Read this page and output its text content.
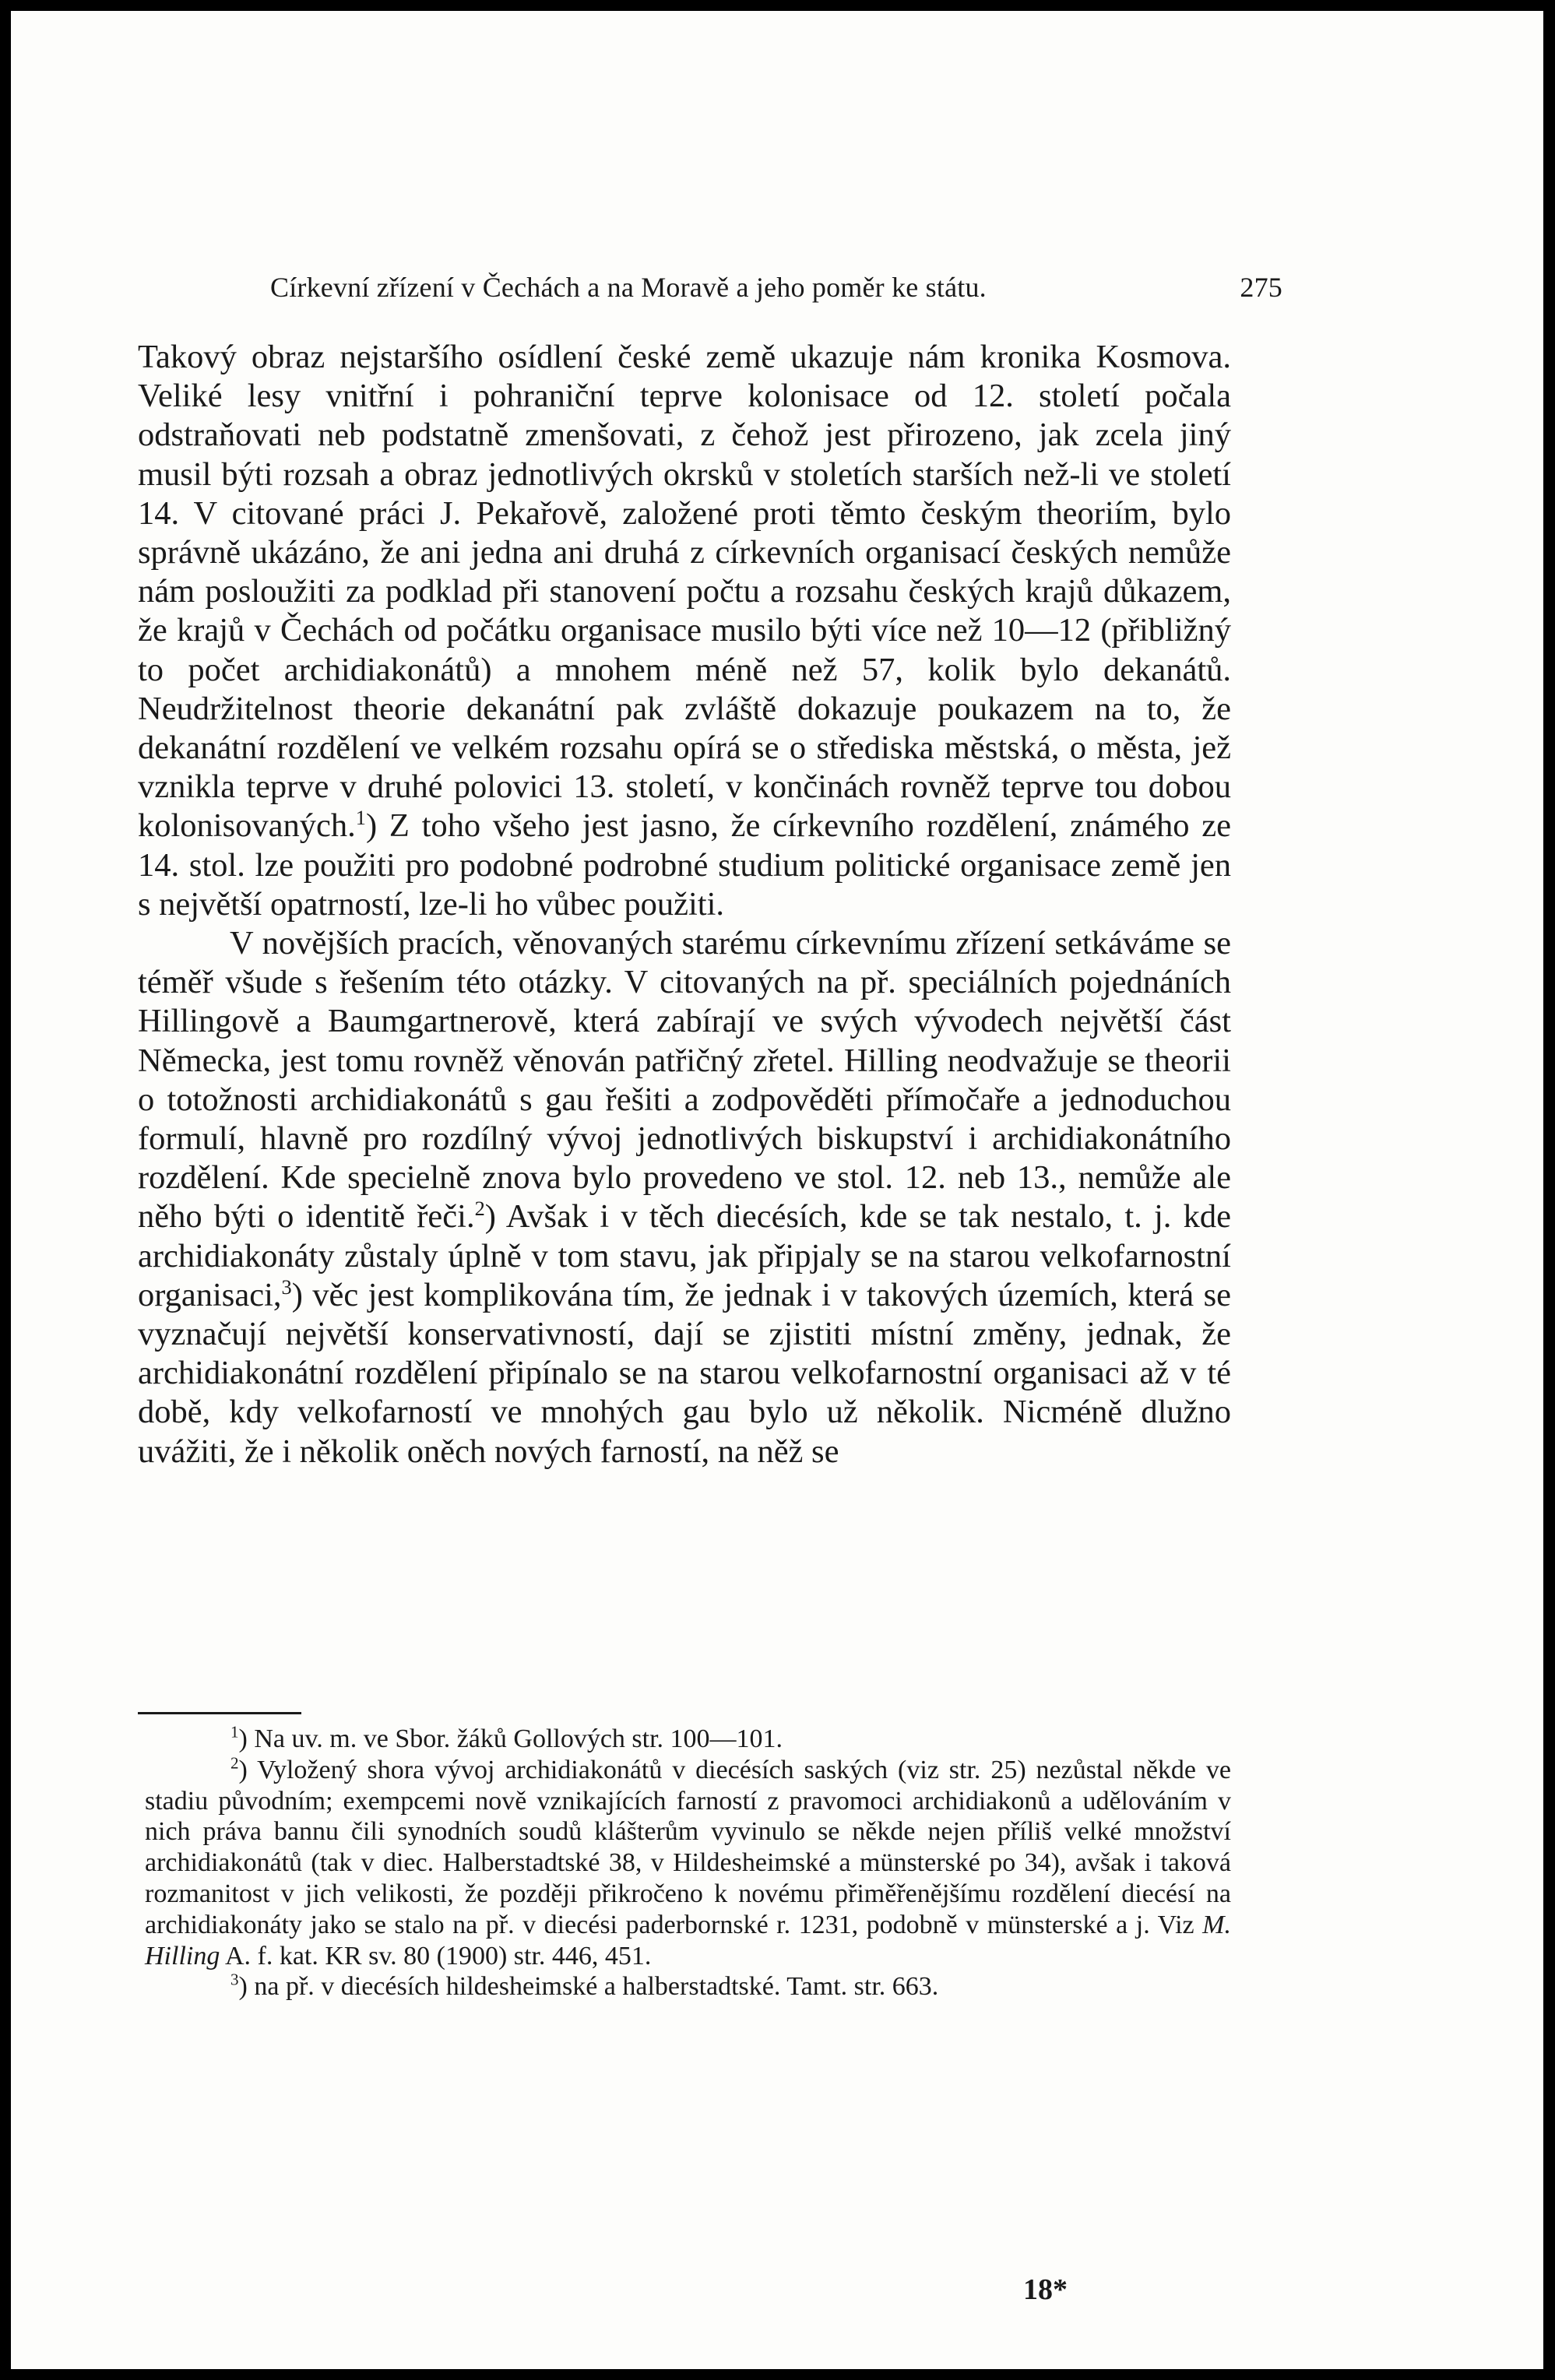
Církevní zřízení v Čechách a na Moravě a jeho poměr ke státu.	275

Takový obraz nejstaršího osídlení české země ukazuje nám kronika Kosmova. Veliké lesy vnitřní i pohraniční teprve kolonisace od 12. století počala odstraňovati neb podstatně zmenšovati, z čehož jest přirozeno, jak zcela jiný musil býti rozsah a obraz jednotlivých okrsků v stoletích starších než-li ve století 14. V citované práci J. Pekařově, založené proti těmto českým theoriím, bylo správně ukázáno, že ani jedna ani druhá z církevních organisací českých nemůže nám posloužiti za podklad při stanovení počtu a rozsahu českých krajů důkazem, že krajů v Čechách od počátku organisace musilo býti více než 10—12 (přibližný to počet archidiakonátů) a mnohem méně než 57, kolik bylo dekanátů. Neudržitelnost theorie dekanátní pak zvláště dokazuje poukazem na to, že dekanátní rozdělení ve velkém rozsahu opírá se o střediska městská, o města, jež vznikla teprve v druhé polovici 13. století, v končinách rovněž teprve tou dobou kolonisovaných.$^1$) Z toho všeho jest jasno, že církevního rozdělení, známého ze 14. stol. lze použiti pro podobné podrobné studium politické organisace země jen s největší opatrností, lze-li ho vůbec použiti.

V novějších pracích, věnovaných starému církevnímu zřízení setkáváme se téměř všude s řešením této otázky. V citovaných na př. speciálních pojednáních Hillingově a Baumgartnerově, která zabírají ve svých vývodech největší část Německa, jest tomu rovněž věnován patřičný zřetel. Hilling neodvažuje se theorii o totožnosti archidiakonátů s gau řešiti a zodpověděti přímočaře a jednoduchou formulí, hlavně pro rozdílný vývoj jednotlivých biskupství i archidiakonátního rozdělení. Kde specielně znova bylo provedeno ve stol. 12. neb 13., nemůže ale něho býti o identitě řeči.$^2$) Avšak i v těch diecésích, kde se tak nestalo, t. j. kde archidiakonáty zůstaly úplně v tom stavu, jak připjaly se na starou velkofarnostní organisaci,$^3$) věc jest komplikována tím, že jednak i v takových územích, která se vyznačují největší konservativností, dají se zjistiti místní změny, jednak, že archidiakonátní rozdělení připínalo se na starou velkofarnostní organisaci až v té době, kdy velkofarností ve mnohých gau bylo už několik. Nicméně dlužno uvážiti, že i několik oněch nových farností, na něž se

$^1$) Na uv. m. ve Sbor. žáků Gollových str. 100—101.

$^2$) Vyložený shora vývoj archidiakonátů v diecésích saských (viz str. 25) nezůstal někde ve stadiu původním; exempcemi nově vznikajících farností z pravomoci archidiakonů a udělováním v nich práva bannu čili synodních soudů klášterům vyvinulo se někde nejen příliš velké množství archidiakonátů (tak v diec. Halberstadtské 38, v Hildesheimské a münsterské po 34), avšak i taková rozmanitost v jich velikosti, že později přikročeno k novému přiměřenějšímu rozdělení diecésí na archidiakonáty jako se stalo na př. v diecési paderbornské r. 1231, podobně v münsterské a j. Viz M. Hilling A. f. kat. KR sv. 80 (1900) str. 446, 451.

$^3$) na př. v diecésích hildesheimské a halberstadtské. Tamt. str. 663.

18*
